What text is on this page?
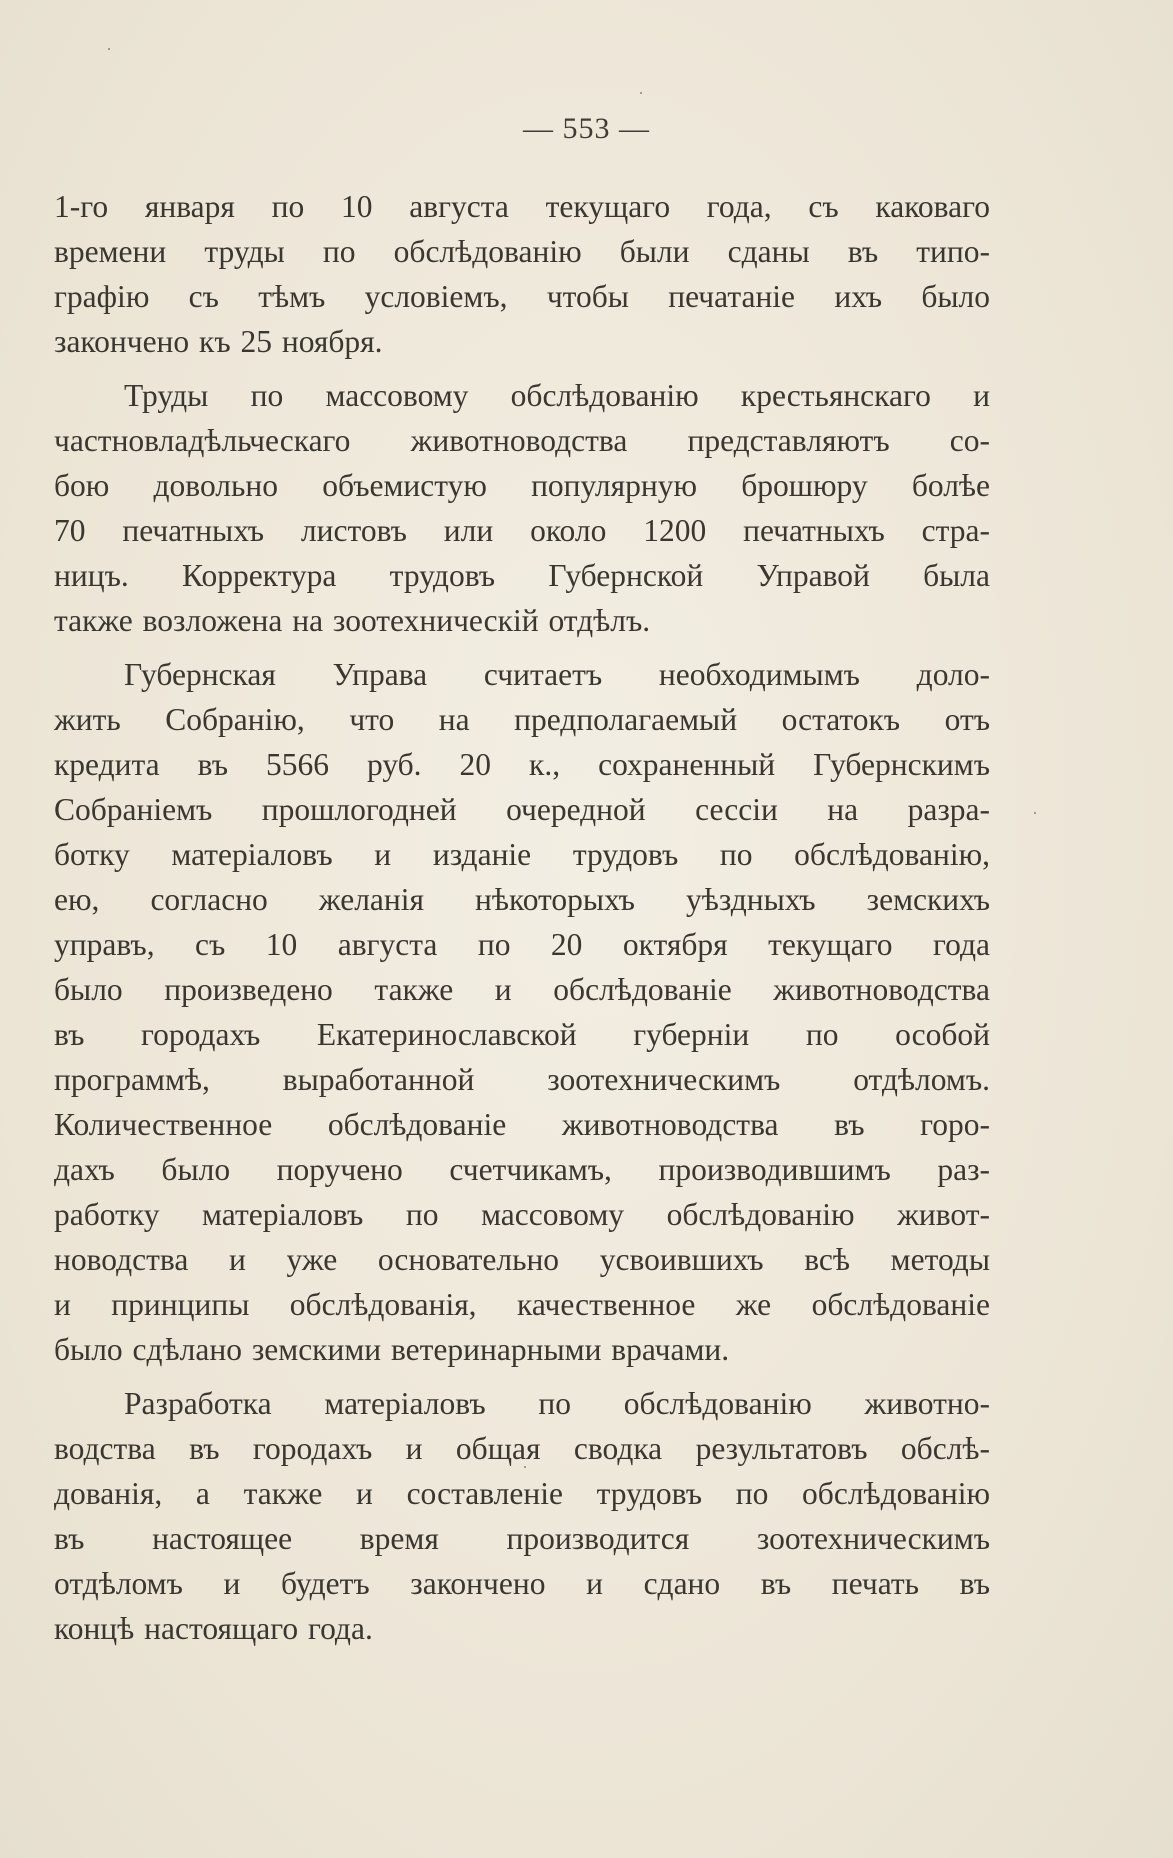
— 553 —
1-го января по 10 августа текущаго года, съ каковаго
времени труды по обслѣдованію были сданы въ типо-
графію съ тѣмъ условіемъ, чтобы печатаніе ихъ было
закончено къ 25 ноября.
Труды по массовому обслѣдованію крестьянскаго и
частновладѣльческаго животноводства представляютъ со-
бою довольно объемистую популярную брошюру болѣе
70 печатныхъ листовъ или около 1200 печатныхъ стра-
ницъ. Корректура трудовъ Губернской Управой была
также возложена на зоотехническій отдѣлъ.
Губернская Управа считаетъ необходимымъ доло-
жить Собранію, что на предполагаемый остатокъ отъ
кредита въ 5566 руб. 20 к., сохраненный Губернскимъ
Собраніемъ прошлогодней очередной сессіи на разра-
ботку матеріаловъ и изданіе трудовъ по обслѣдованію,
ею, согласно желанія нѣкоторыхъ уѣздныхъ земскихъ
управъ, съ 10 августа по 20 октября текущаго года
было произведено также и обслѣдованіе животноводства
въ городахъ Екатеринославской губерніи по особой
программѣ, выработанной зоотехническимъ отдѣломъ.
Количественное обслѣдованіе животноводства въ горо-
дахъ было поручено счетчикамъ, производившимъ раз-
работку матеріаловъ по массовому обслѣдованію живот-
новодства и уже основательно усвоившихъ всѣ методы
и принципы обслѣдованія, качественное же обслѣдованіе
было сдѣлано земскими ветеринарными врачами.
Разработка матеріаловъ по обслѣдованію животно-
водства въ городахъ и общая сводка результатовъ обслѣ-
дованія, а также и составленіе трудовъ по обслѣдованію
въ настоящее время производится зоотехническимъ
отдѣломъ и будетъ закончено и сдано въ печать въ
концѣ настоящаго года.
